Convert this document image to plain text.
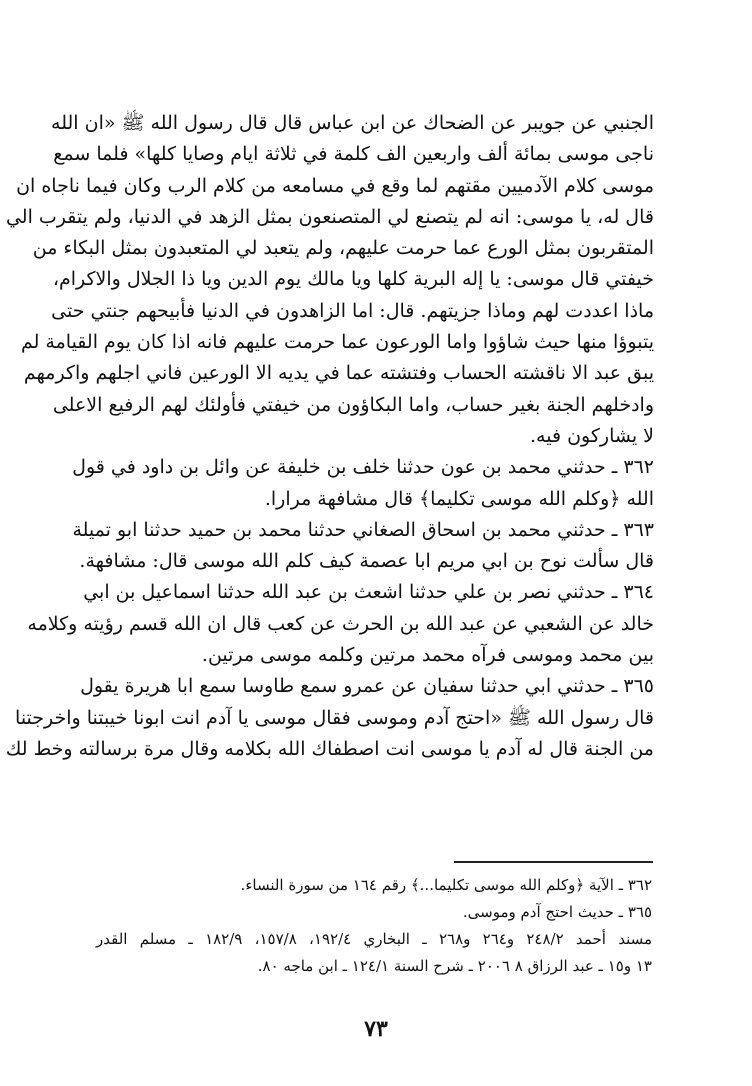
الجنبي عن جويبر عن الضحاك عن ابن عباس قال قال رسول الله ﷺ «ان الله
ناجى موسى بمائة ألف واربعين الف كلمة في ثلاثة ايام وصايا كلها» فلما سمع
موسى كلام الآدميين مقتهم لما وقع في مسامعه من كلام الرب وكان فيما ناجاه ان
قال له، يا موسى: انه لم يتصنع لي المتصنعون بمثل الزهد في الدنيا، ولم يتقرب الي
المتقربون بمثل الورع عما حرمت عليهم، ولم يتعبد لي المتعبدون بمثل البكاء من
خيفتي قال موسى: يا إله البرية كلها ويا مالك يوم الدين ويا ذا الجلال والاكرام،
ماذا اعددت لهم وماذا جزيتهم. قال: اما الزاهدون في الدنيا فأبيحهم جنتي حتى
يتبوؤا منها حيث شاؤوا واما الورعون عما حرمت عليهم فانه اذا كان يوم القيامة لم
يبق عبد الا ناقشته الحساب وفتشته عما في يديه الا الورعين فاني اجلهم واكرمهم
وادخلهم الجنة بغير حساب، واما البكاؤون من خيفتي فأولئك لهم الرفيع الاعلى
لا يشاركون فيه.
٣٦٢ ـ حدثني محمد بن عون حدثنا خلف بن خليفة عن وائل بن داود في قول
الله ﴿وكلم الله موسى تكليما﴾ قال مشافهة مرارا.
٣٦٣ ـ حدثني محمد بن اسحاق الصغاني حدثنا محمد بن حميد حدثنا ابو تميلة
قال سألت نوح بن ابي مريم ابا عصمة كيف كلم الله موسى قال: مشافهة.
٣٦٤ ـ حدثني نصر بن علي حدثنا اشعث بن عبد الله حدثنا اسماعيل بن ابي
خالد عن الشعبي عن عبد الله بن الحرث عن كعب قال ان الله قسم رؤيته وكلامه
بين محمد وموسى فرآه محمد مرتين وكلمه موسى مرتين.
٣٦٥ ـ حدثني ابي حدثنا سفيان عن عمرو سمع طاوسا سمع ابا هريرة يقول
قال رسول الله ﷺ «احتج آدم وموسى فقال موسى يا آدم انت ابونا خيبتنا واخرجتنا
من الجنة قال له آدم يا موسى انت اصطفاك الله بكلامه وقال مرة برسالته وخط لك
٣٦٢ ـ الآية ﴿وكلم الله موسى تكليما...﴾ رقم ١٦٤ من سورة النساء.
٣٦٥ ـ حديث احتج آدم وموسى.
مسند أحمد ٢٤٨/٢ و٢٦٤ و٢٦٨ ـ البخاري ١٩٢/٤، ١٥٧/٨، ١٨٢/٩ ـ مسلم القدر
١٣ و١٥ ـ عبد الرزاق ٨ ٢٠٠٦ ـ شرح السنة ١٢٤/١ ـ ابن ماجه ٨٠.
٧٣
